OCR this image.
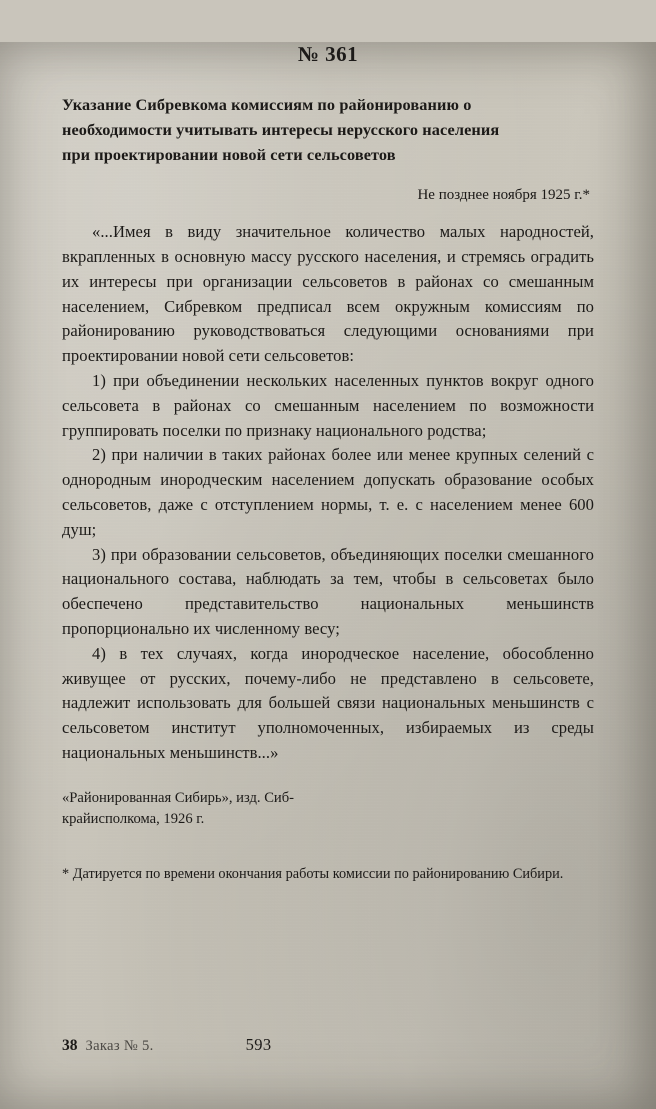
№ 361
Указание Сибревкома комиссиям по районированию о
необходимости учитывать интересы нерусского населения
при проектировании новой сети сельсоветов
Не позднее ноября 1925 г.*

«...Имея в виду значительное количество малых народностей, вкрапленных в основную массу русского населения, и стремясь оградить их интересы при организации сельсоветов в районах со смешанным населением, Сибревком предписал всем окружным комиссиям по районированию руководствоваться следующими основаниями при проектировании новой сети сельсоветов:

1) при объединении нескольких населенных пунктов вокруг одного сельсовета в районах со смешанным населением по возможности группировать поселки по признаку национального родства;

2) при наличии в таких районах более или менее крупных селений с однородным инородческим населением допускать образование особых сельсоветов, даже с отступлением нормы, т. е. с населением менее 600 душ;

3) при образовании сельсоветов, объединяющих поселки смешанного национального состава, наблюдать за тем, чтобы в сельсоветах было обеспечено представительство национальных меньшинств пропорционально их численному весу;

4) в тех случаях, когда инородческое население, обособленно живущее от русских, почему-либо не представлено в сельсовете, надлежит использовать для большей связи национальных меньшинств с сельсоветом институт уполномоченных, избираемых из среды национальных меньшинств...»

«Районированная Сибирь», изд. Сиб-
крайисполкома, 1926 г.
* Датируется по времени окончания работы комиссии по районированию Сибири.
38 Заказ № 5.	593
